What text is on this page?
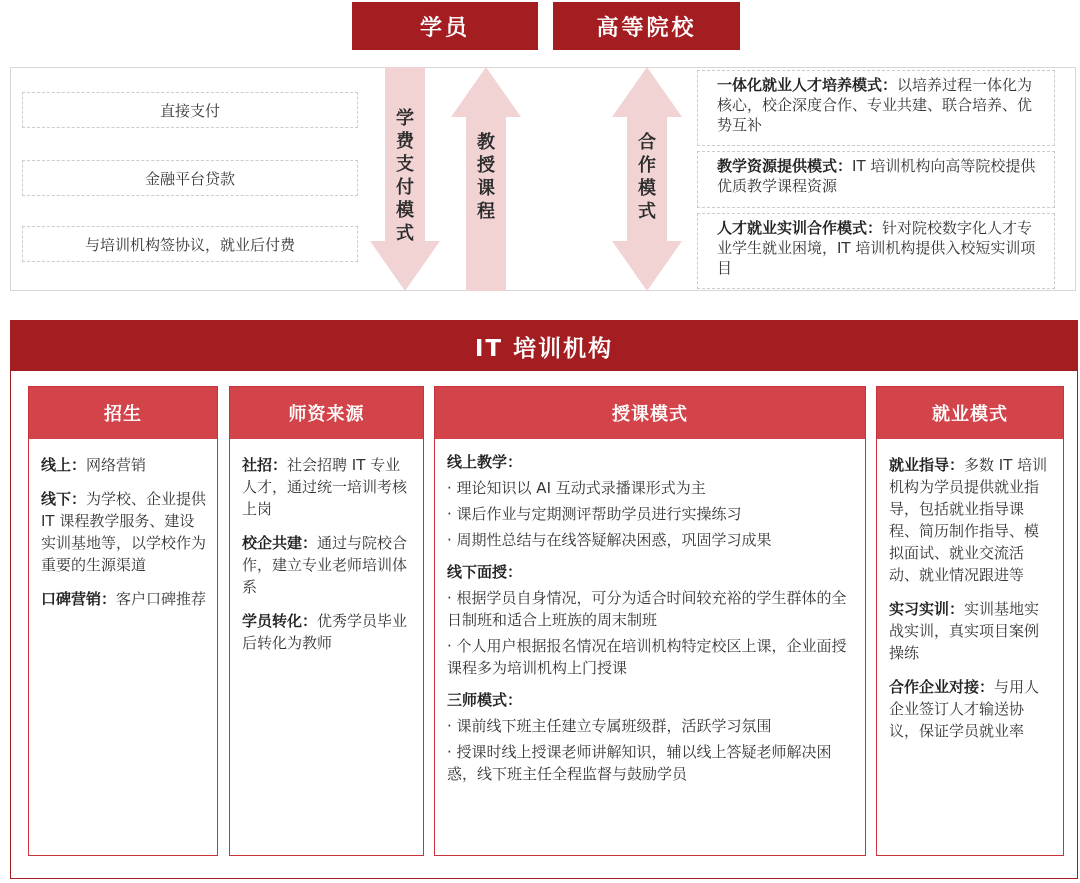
学员	高等院校
直接支付
金融平台贷款
与培训机构签协议，就业后付费
学
费
支
付
模
式
教
授
课
程
合
作
模
式
一体化就业人才培养模式：以培养过程一体化为核心，校企深度合作、专业共建、联合培养、优势互补
教学资源提供模式：IT 培训机构向高等院校提供优质教学课程资源
人才就业实训合作模式：针对院校数字化人才专业学生就业困境，IT 培训机构提供入校短实训项目
IT 培训机构
招生
线上：网络营销
线下：为学校、企业提供 IT 课程教学服务、建设实训基地等，以学校作为重要的生源渠道
口碑营销：客户口碑推荐
师资来源
社招：社会招聘 IT 专业人才，通过统一培训考核上岗
校企共建：通过与院校合作，建立专业老师培训体系
学员转化：优秀学员毕业后转化为教师
授课模式
线上教学：
· 理论知识以 AI 互动式录播课形式为主
· 课后作业与定期测评帮助学员进行实操练习
· 周期性总结与在线答疑解决困惑，巩固学习成果
线下面授：
· 根据学员自身情况，可分为适合时间较充裕的学生群体的全日制班和适合上班族的周末制班
· 个人用户根据报名情况在培训机构特定校区上课，企业面授课程多为培训机构上门授课
三师模式：
· 课前线下班主任建立专属班级群，活跃学习氛围
· 授课时线上授课老师讲解知识，辅以线上答疑老师解决困惑，线下班主任全程监督与鼓励学员
就业模式
就业指导：多数 IT 培训机构为学员提供就业指导，包括就业指导课程、简历制作指导、模拟面试、就业交流活动、就业情况跟进等
实习实训：实训基地实战实训，真实项目案例操练
合作企业对接：与用人企业签订人才输送协议，保证学员就业率
